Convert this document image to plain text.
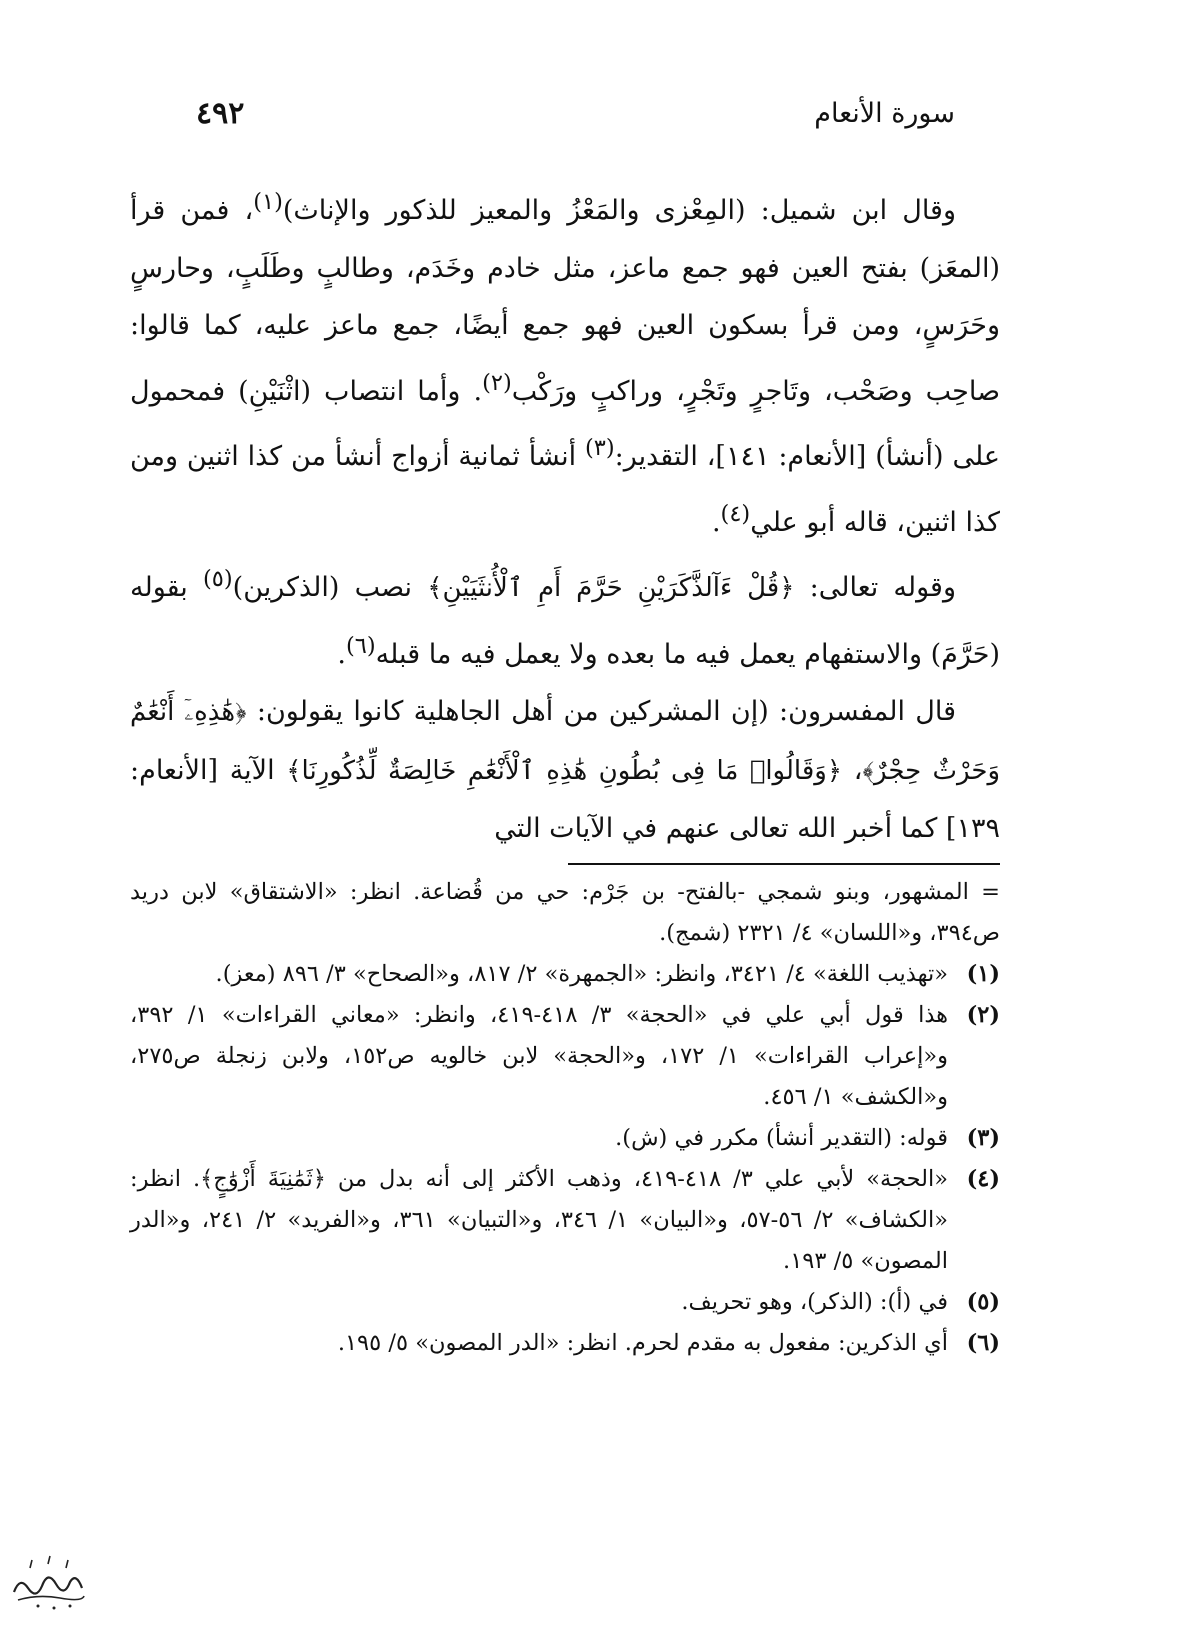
٤٩٢	سورة الأنعام

وقال ابن شميل: (المِعْزى والمَعْزُ والمعيز للذكور والإناث)$^{(١)}$، فمن قرأ (المعَز) بفتح العين فهو جمع ماعز، مثل خادم وخَدَم، وطالبٍ وطَلَبٍ، وحارسٍ وحَرَسٍ، ومن قرأ بسكون العين فهو جمع أيضًا، جمع ماعز عليه، كما قالوا: صاحِب وصَحْب، وتَاجرٍ وتَجْرٍ، وراكبٍ ورَكْب$^{(٢)}$. وأما انتصاب (اثْنَيْنِ) فمحمول على (أنشأ) [الأنعام: ١٤١]، التقدير:$^{(٣)}$ أنشأ ثمانية أزواج أنشأ من كذا اثنين ومن كذا اثنين، قاله أبو علي$^{(٤)}$.

وقوله تعالى: ﴿قُلْ ءَآلذَّكَرَيْنِ حَرَّمَ أَمِ ٱلْأُنثَيَيْنِ﴾ نصب (الذكرين)$^{(٥)}$ بقوله (حَرَّمَ) والاستفهام يعمل فيه ما بعده ولا يعمل فيه ما قبله$^{(٦)}$.

قال المفسرون: (إن المشركين من أهل الجاهلية كانوا يقولون: ﴿هَٰذِهِۦٓ أَنْعَٰمٌ وَحَرْثٌ حِجْرٌ﴾، ﴿وَقَالُوا۟ مَا فِى بُطُونِ هَٰذِهِ ٱلْأَنْعَٰمِ خَالِصَةٌ لِّذُكُورِنَا﴾ الآية [الأنعام: ١٣٩] كما أخبر الله تعالى عنهم في الآيات التي

= المشهور، وبنو شمجي -بالفتح- بن جَرْم: حي من قُضاعة. انظر: «الاشتقاق» لابن دريد ص٣٩٤، و«اللسان» ٤/ ٢٣٢١ (شمج).

(١)
«تهذيب اللغة» ٤/ ٣٤٢١، وانظر: «الجمهرة» ٢/ ٨١٧، و«الصحاح» ٣/ ٨٩٦ (معز).
(٢)
هذا قول أبي علي في «الحجة» ٣/ ٤١٨-٤١٩، وانظر: «معاني القراءات» ١/ ٣٩٢، و«إعراب القراءات» ١/ ١٧٢، و«الحجة» لابن خالويه ص١٥٢، ولابن زنجلة ص٢٧٥، و«الكشف» ١/ ٤٥٦.
(٣)
قوله: (التقدير أنشأ) مكرر في (ش).
(٤)
«الحجة» لأبي علي ٣/ ٤١٨-٤١٩، وذهب الأكثر إلى أنه بدل من ﴿ثَمَٰنِيَةَ أَزْوَٰجٍ﴾. انظر: «الكشاف» ٢/ ٥٦-٥٧، و«البيان» ١/ ٣٤٦، و«التبيان» ٣٦١، و«الفريد» ٢/ ٢٤١، و«الدر المصون» ٥/ ١٩٣.
(٥)
في (أ): (الذكر)، وهو تحريف.
(٦)
أي الذكرين: مفعول به مقدم لحرم. انظر: «الدر المصون» ٥/ ١٩٥.
